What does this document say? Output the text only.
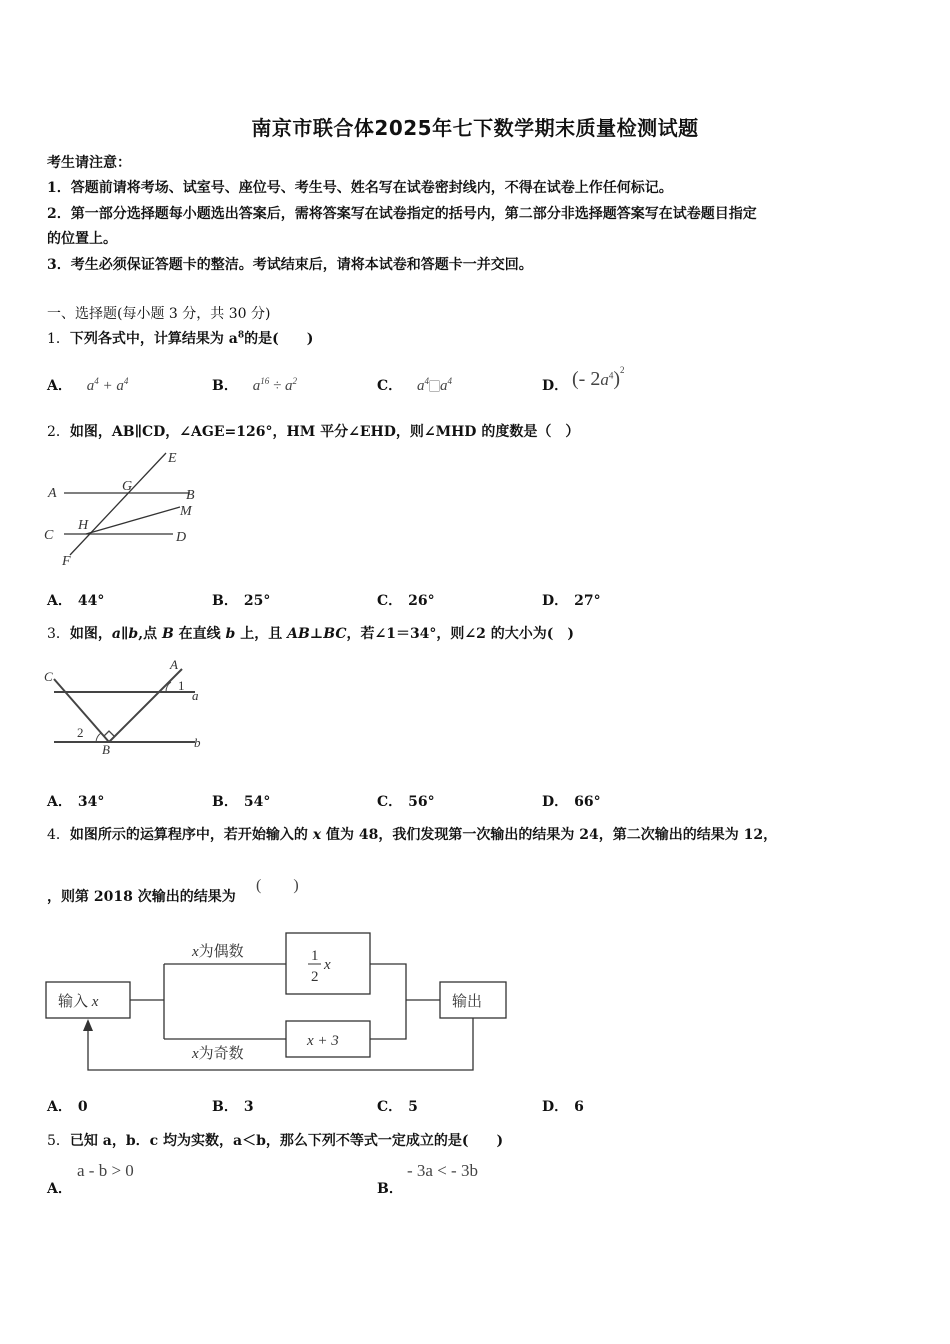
南京市联合体2025年七下数学期末质量检测试题
考生请注意：
1．答题前请将考场、试室号、座位号、考生号、姓名写在试卷密封线内，不得在试卷上作任何标记。
2．第一部分选择题每小题选出答案后，需将答案写在试卷指定的括号内，第二部分非选择题答案写在试卷题目指定
的位置上。
3．考生必须保证答题卡的整洁。考试结束后，请将本试卷和答题卡一并交回。
一、选择题(每小题 3 分，共 30 分)
1．下列各式中，计算结果为 $a^8$的是(　　)
A． $a^4 + a^4$	B． $a^{16} \div a^2$	C． $a^4⃞a^4$	D． (- $2a^4)^2$
2．如图，AB∥CD，∠AGE=126°，HM 平分∠EHD，则∠MHD 的度数是（　）
A	B
C	D
E
F
G
H
M
A． 44°	B． 25°	C． 26°	D． 27°
3．如图，a∥b,点 B 在直线 b 上，且 AB⊥BC，若∠1＝34°，则∠2 的大小为(　)
C
A
1
a
2
B	b
A． 34°	B． 54°	C． 56°	D． 66°
4．如图所示的运算程序中，若开始输入的 x 值为 48，我们发现第一次输出的结果为 24，第二次输出的结果为 12，
，则第 2018 次输出的结果为
(　　)
输入 x
x为偶数
x为奇数
1
2
x
x + 3
输出
A． 0	B． 3	C． 5	D． 6
5．已知 a，b．c 均为实数，a＜b，那么下列不等式一定成立的是(　　)
A．
a - b > 0
B．
- 3a < - 3b
